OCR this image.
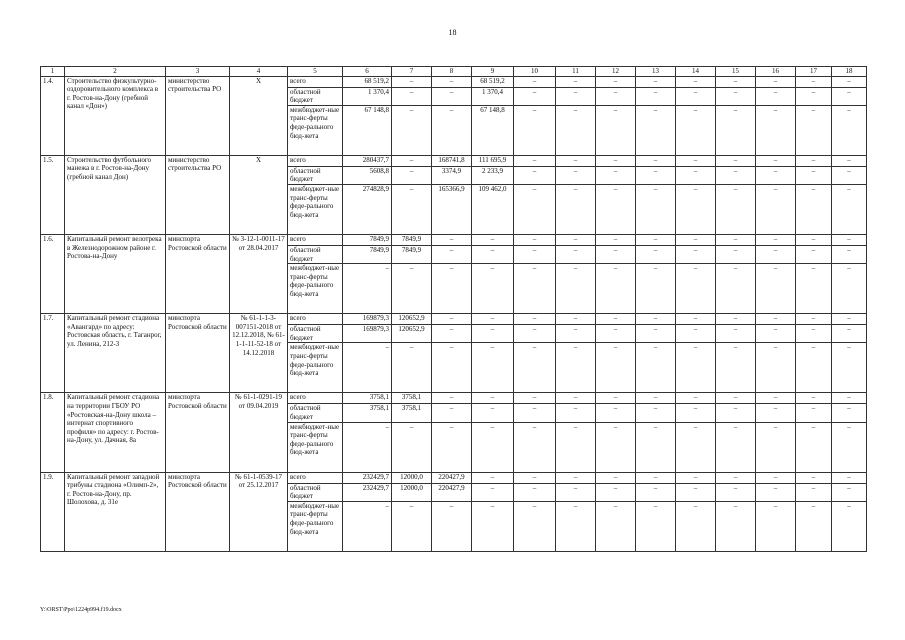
18
1	2	3	4	5	6	7	8	9	10	11	12	13	14	15	16	17	18
1.4.	Строительство физкультурно-оздоровительного комплекса в г. Ростов-на-Дону (гребной канал «Дон»)	министерство строительства РО	Х	всего	68 519,2	–	–	68 519,2	–	–	–	–	–	–	–	–	–
				областной бюджет	1 370,4	–	–	1 370,4	–	–	–	–	–	–	–	–	–
				межбюджет-ные транс-ферты феде-рального бюд-жета	67 148,8	–	–	67 148,8	–	–	–	–	–	–	–	–	–
1.5.	Строительство футбольного манежа в г. Ростов-на-Дону (гребной канал Дон)	министерство строительства РО	Х	всего	280437,7	–	168741,8	111 695,9	–	–	–	–	–	–	–	–	–
				областной бюджет	5608,8	–	3374,9	2 233,9	–	–	–	–	–	–	–	–	–
				межбюджет-ные транс-ферты феде-рального бюд-жета	274828,9	–	165366,9	109 462,0	–	–	–	–	–	–	–	–	–
1.6.	Капитальный ремонт велотрека в Железнодорожном районе г. Ростова-на-Дону	минспорта Ростовской области	№ 3-12-1-0011-17 от 28.04.2017	всего	7849,9	7849,9	–	–	–	–	–	–	–	–	–	–	–
				областной бюджет	7849,9	7849,9	–	–	–	–	–	–	–	–	–	–	–
				межбюджет-ные транс-ферты феде-рального бюд-жета	–	–	–	–	–	–	–	–	–	–	–	–	–
1.7.	Капитальный ремонт стадиона «Авангард» по адресу: Ростовская область, г. Таганрог, ул. Ленина, 212-3	минспорта Ростовской области	№ 61-1-1-3-007151-2018 от 12.12.2018, № 61-1-1-11-52-18 от 14.12.2018	всего	169879,3	120652,9	–	–	–	–	–	–	–	–	–	–	–
				областной бюджет	169879,3	120652,9	–	–	–	–	–	–	–	–	–	–	–
				межбюджет-ные транс-ферты феде-рального бюд-жета	–	–	–	–	–	–	–	–	–	–	–	–	–
1.8.	Капитальный ремонт стадиона на территории ГБОУ РО «Ростовская-на-Дону школа – интернат спортивного профиля» по адресу: г. Ростов-на-Дону, ул. Дачная, 8а	минспорта Ростовской области	№ 61-1-0291-19 от 09.04.2019	всего	3758,1	3758,1	–	–	–	–	–	–	–	–	–	–	–
				областной бюджет	3758,1	3758,1	–	–	–	–	–	–	–	–	–	–	–
				межбюджет-ные транс-ферты феде-рального бюд-жета	–	–	–	–	–	–	–	–	–	–	–	–	–
1.9.	Капитальный ремонт западной трибуны стадиона «Олимп-2», г. Ростов-на-Дону, пр. Шолохова, д. 31е	минспорта Ростовской области	№ 61-1-0539-17 от 25.12.2017	всего	232429,7	12000,0	220427,9	–	–	–	–	–	–	–	–	–	–
				областной бюджет	232429,7	12000,0	220427,9	–	–	–	–	–	–	–	–	–	–
				межбюджет-ные транс-ферты феде-рального бюд-жета	–	–	–	–	–	–	–	–	–	–	–	–	–
Y:\ORST\Ppo\1224p994.f19.docx
